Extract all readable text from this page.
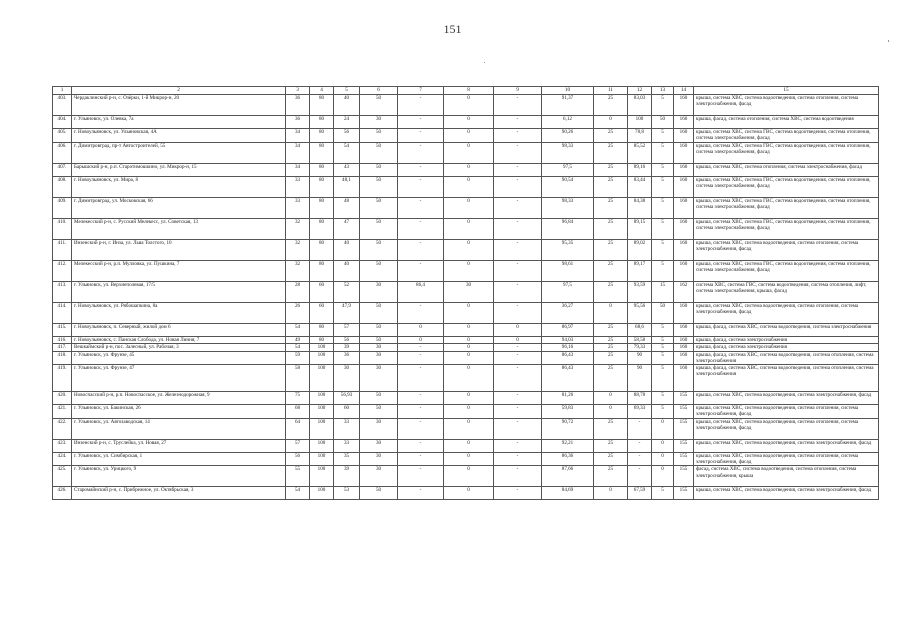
151
1	2	3	4	5	6	7	8	9	10	11	12	13	14	15
403.	Чердаклинский р-н, с. Озёрки, 1-й Микрор-н, 20	36	80	40	50	-	0	-	91,37	25	83,03	5	160	крыша, система ХВС, система водоотведения, система отопления, система электроснабжения, фасад
404.	г. Ульяновск, ул. Олевка, 7а	36	80	24	30	-	0	-	6,12	0	100	50	160	крыша, фасад, система отопления, система ХВС, система водоотведения
405.	г. Новоульяновск, ул. Ульяновская, 4А	34	80	56	50	-	0	-	90,26	25	78,8	5	160	крыша, система ХВС, система ГВС, система водоотведения, система отопления, система электроснабжения, фасад
406.	г. Димитровград, пр-т Автостроителей, 55	34	80	54	50	-	0	-	98,33	25	85,52	5	160	крыша, система ХВС, система ГВС, система водоотведения, система отопления, система электроснабжения, фасад
407.	Барышский р-н, р.п. Старотимошкино, ул. Микрор-н, 15	34	80	43	50	-	0	-	97,5	25	89,16	5	160	крыша, система ХВС, система отопления, система электроснабжения, фасад
408.	г. Новоульяновск, ул. Мира, 8	33	80	48,1	50	-	0	-	90,54	25	83,44	5	160	крыша, система ХВС, система ГВС, система водоотведения, система отопления, система электроснабжения, фасад
409.	г. Димитровград, ул. Московская, 66	33	80	48	50	-	0	-	98,33	25	84,38	5	160	крыша, система ХВС, система ГВС, система водоотведения, система отопления, система электроснабжения, фасад
410.	Мелекесский р-н, с. Русский Мелекесс, ул. Советская, 13	32	80	47	50	-	0	-	96,84	25	89,15	5	160	крыша, система ХВС, система ГВС, система водоотведения, система отопления, система электроснабжения, фасад
411.	Инзенский р-н, г. Инза, ул. Льва Толстого, 10	32	80	40	50	-	0	-	95,35	25	89,02	5	160	крыша, система ХВС, система водоотведения, система отопления, система электроснабжения, фасад
412.	Мелекесский р-н, р.п. Мулловка, ул. Пушкина, 7	32	80	40	50	-	0	-	98,61	25	89,17	5	160	крыша, система ХВС, система ГВС, система водоотведения, система отопления, система электроснабжения, фасад
413.	г. Ульяновск, ул. Верхнеполевая, 17/5	28	60	52	30	86,4	30	-	97,5	25	93,59	15	162	система ХВС, система ГВС, система водоотведения, система отопления, лифт, система электроснабжения, крыша, фасад
414.	г. Новоульяновск, ул. Рябошапкина, 8а	26	60	47,9	50	-	0	-	36,27	0	95,56	50	160	крыша, система ХВС, система водоотведения, система отопления, система электроснабжения, фасад
415.	г. Новоульяновск, п. Северный, жилой дом 6	54	80	57	50	0	0	0	86,97	25	68,6	5	160	крыша, фасад, система ХВС, система водоотведения, система электроснабжения
416.	г. Новоульяновск, с. Панская Слобода, ул. Новая Линия, 7	49	80	56	50	0	0	0	94,03	25	58,58	5	160	крыша, фасад, система электроснабжения
417.	Вешкаймский р-н, пос. Залесный, ул. Рабочая, 3	54	100	39	30	-	0	-	96,16	25	79,33	5	160	крыша, фасад, система электроснабжения
418.	г. Ульяновск, ул. Фрунзе, 45	59	100	36	30	-	0	-	86,43	25	90	5	160	крыша, фасад, система ХВС, система водоотведения, система отопления, система электроснабжения
419.	г. Ульяновск, ул. Фрунзе, 47	58	100	30	30	-	0	-	86,43	25	90	5	160	крыша, фасад, система ХВС, система водоотведения, система отопления, система электроснабжения
420.	Новоспасский р-н, р.п. Новоспасское, ул. Железнодорожная, 9	75	100	56,93	50	-	0	-	81,26	0	88,78	5	155	крыша, система ХВС, система водоотведения, система электроснабжения, фасад
421.	г. Ульяновск, ул. Бакинская, 26	68	100	60	50	-	0	-	59,83	0	69,33	5	155	крыша, система ХВС, система водоотведения, система отопления, система электроснабжения, фасад
422.	г. Ульяновск, ул. Автозаводская, 14	64	100	33	30	-	0	-	90,72	25	-	0	155	крыша, система ХВС, система водоотведения, система отопления, система электроснабжения, фасад
423.	Инзенский р-н, с. Труслейка, ул. Новая, 27	57	100	33	30	-	0	-	92,21	25	-	0	155	крыша, система ХВС, система водоотведения, система электроснабжения, фасад
424.	г. Ульяновск, ул. Симбирская, 1	56	100	35	30	-	0	-	86,36	25	-	0	155	крыша, система ХВС, система водоотведения, система отопления, система электроснабжения, фасад
425.	г. Ульяновск, ул. Урицкого, 9	55	100	39	30	-	0	-	87,66	25	-	0	155	фасад, система ХВС, система водоотведения, система отопления, система электроснабжения, крыша
426.	Старомайнский р-н, с. Прибрежное, ул. Октябрьская, 3	54	100	53	50	-	0	-	84,69	0	67,59	5	155	крыша, система ХВС, система водоотведения, система электроснабжения, фасад
